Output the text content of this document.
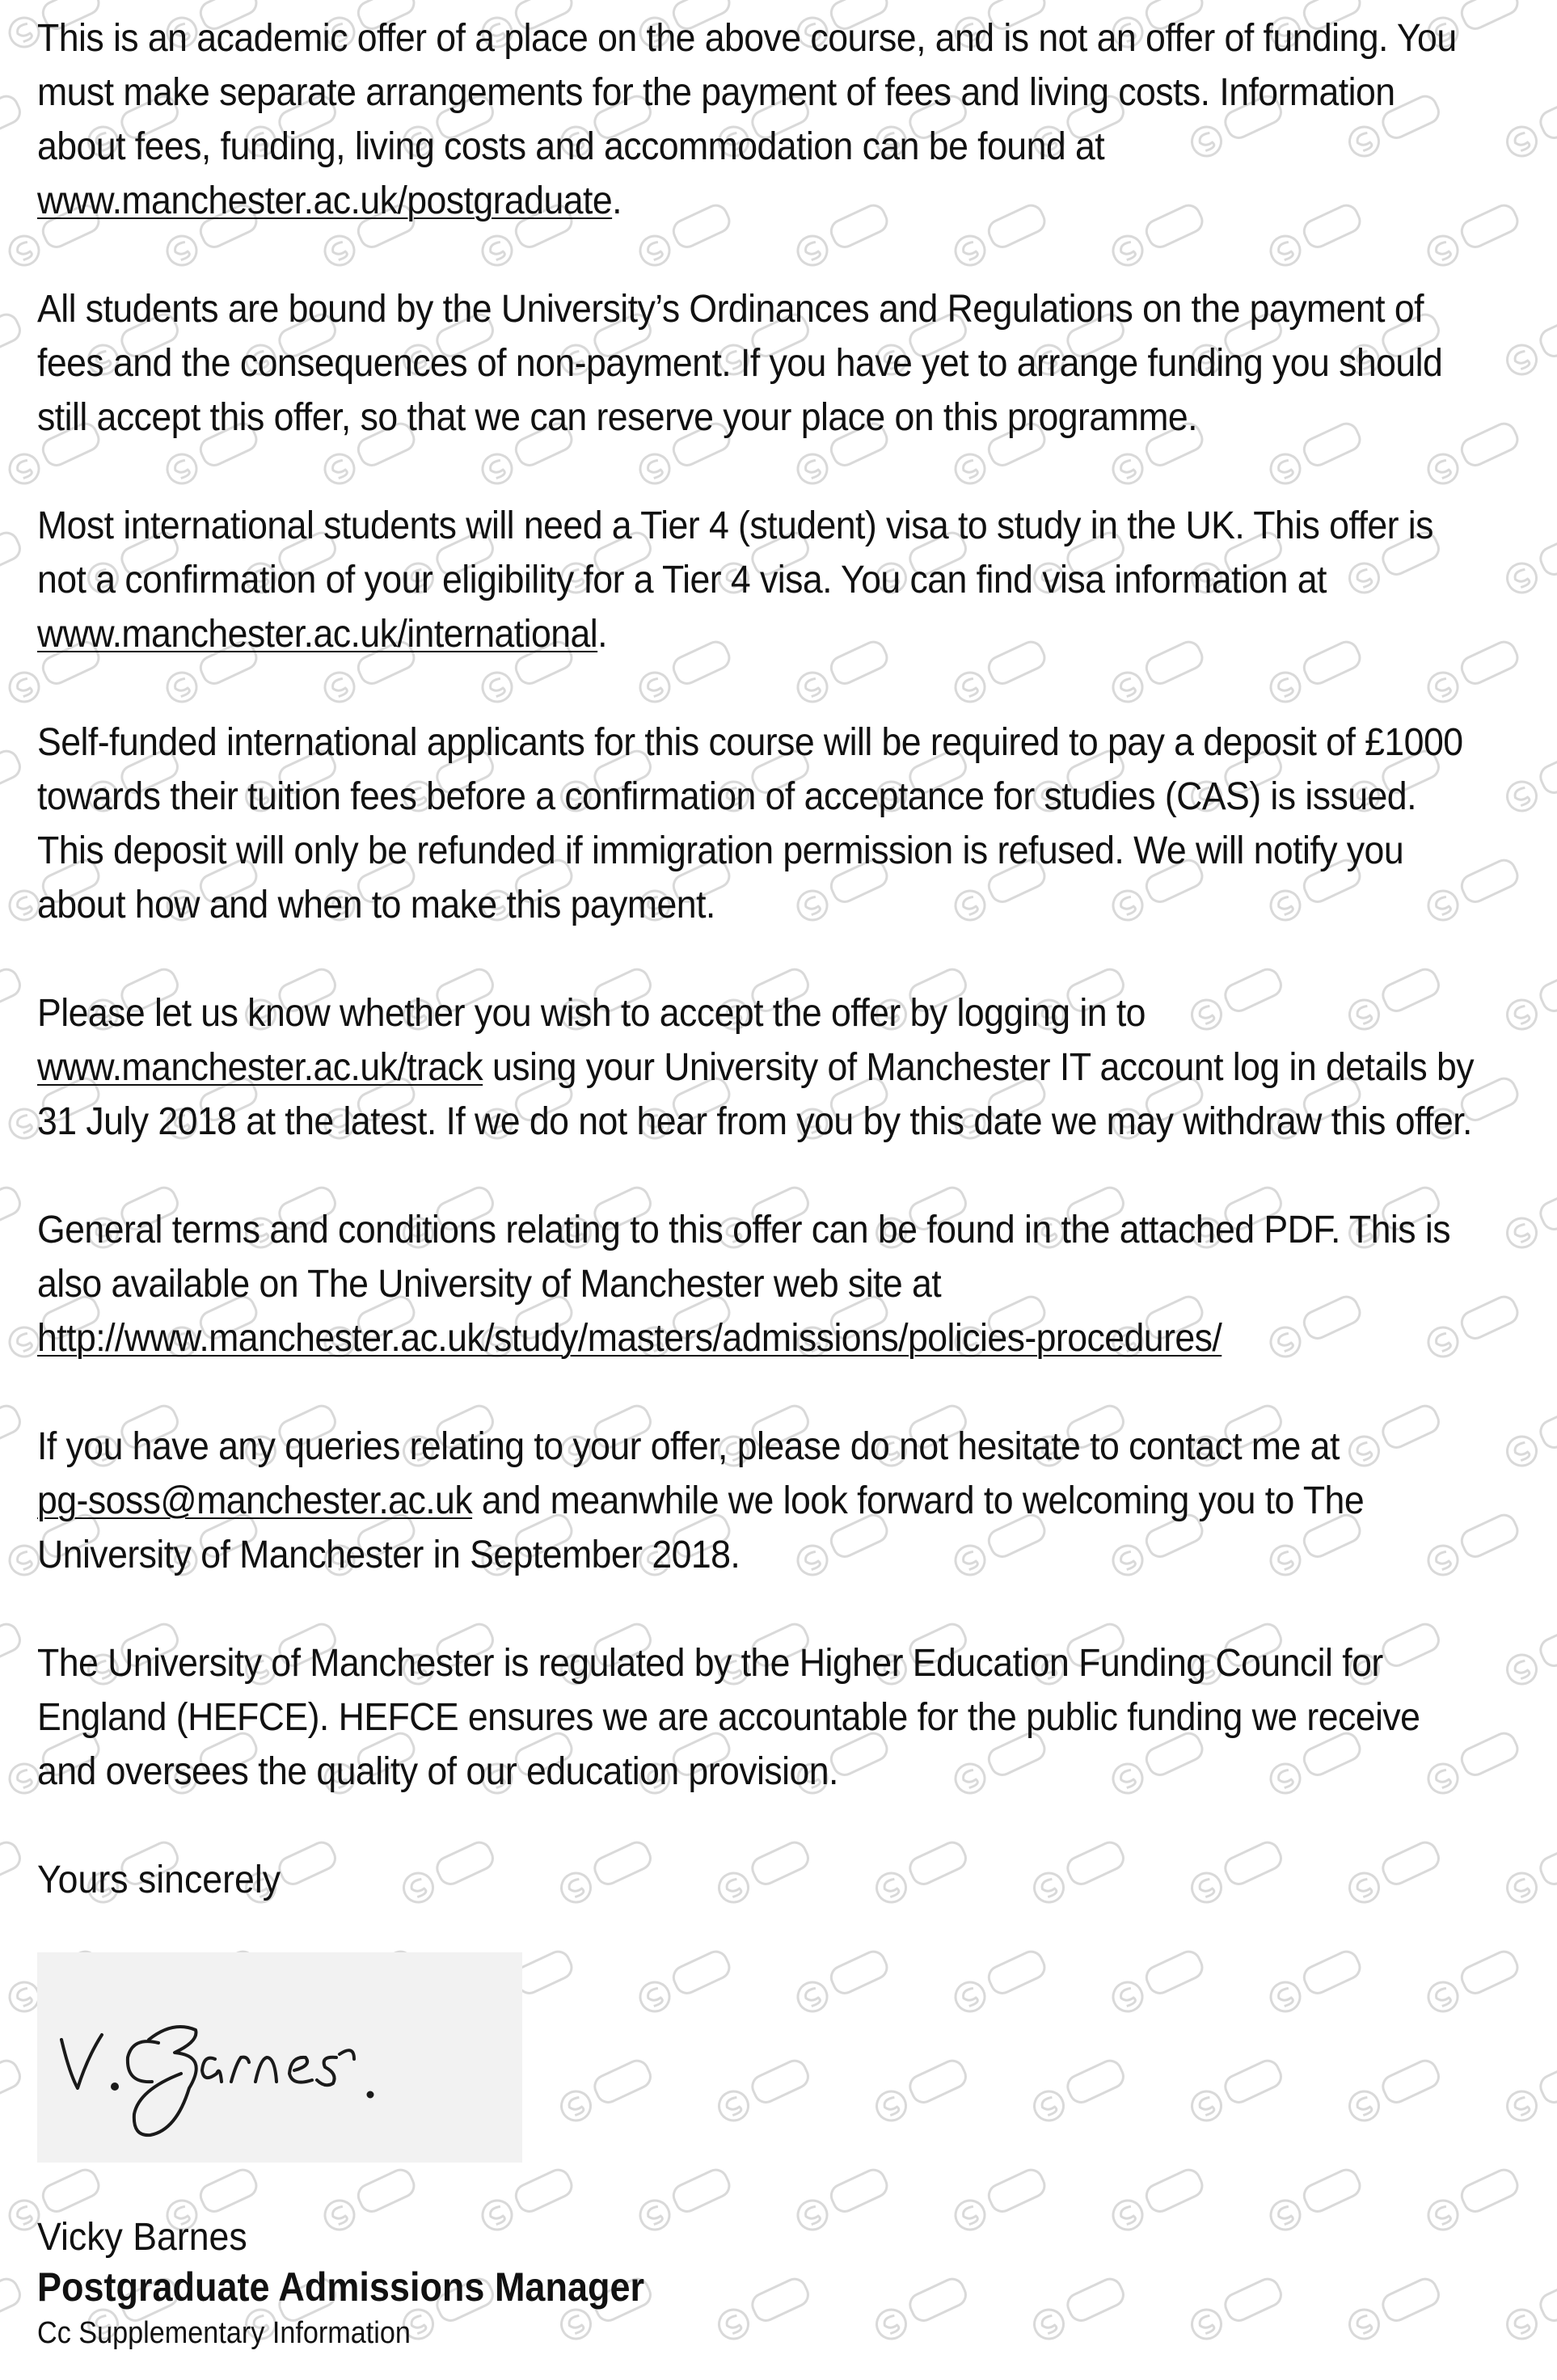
This is an academic offer of a place on the above course, and is not an offer of funding. You
must make separate arrangements for the payment of fees and living costs. Information
about fees, funding, living costs and accommodation can be found at
www.manchester.ac.uk/postgraduate.
All students are bound by the University’s Ordinances and Regulations on the payment of
fees and the consequences of non-payment. If you have yet to arrange funding you should
still accept this offer, so that we can reserve your place on this programme.
Most international students will need a Tier 4 (student) visa to study in the UK. This offer is
not a confirmation of your eligibility for a Tier 4 visa. You can find visa information at
www.manchester.ac.uk/international.
Self-funded international applicants for this course will be required to pay a deposit of £1000
towards their tuition fees before a confirmation of acceptance for studies (CAS) is issued.
This deposit will only be refunded if immigration permission is refused. We will notify you
about how and when to make this payment.
Please let us know whether you wish to accept the offer by logging in to
www.manchester.ac.uk/track using your University of Manchester IT account log in details by
31 July 2018 at the latest. If we do not hear from you by this date we may withdraw this offer.
General terms and conditions relating to this offer can be found in the attached PDF. This is
also available on The University of Manchester web site at
http://www.manchester.ac.uk/study/masters/admissions/policies-procedures/
If you have any queries relating to your offer, please do not hesitate to contact me at
pg-soss@manchester.ac.uk and meanwhile we look forward to welcoming you to The
University of Manchester in September 2018.
The University of Manchester is regulated by the Higher Education Funding Council for
England (HEFCE). HEFCE ensures we are accountable for the public funding we receive
and oversees the quality of our education provision.
Yours sincerely
Vicky Barnes
Postgraduate Admissions Manager
Cc Supplementary Information
